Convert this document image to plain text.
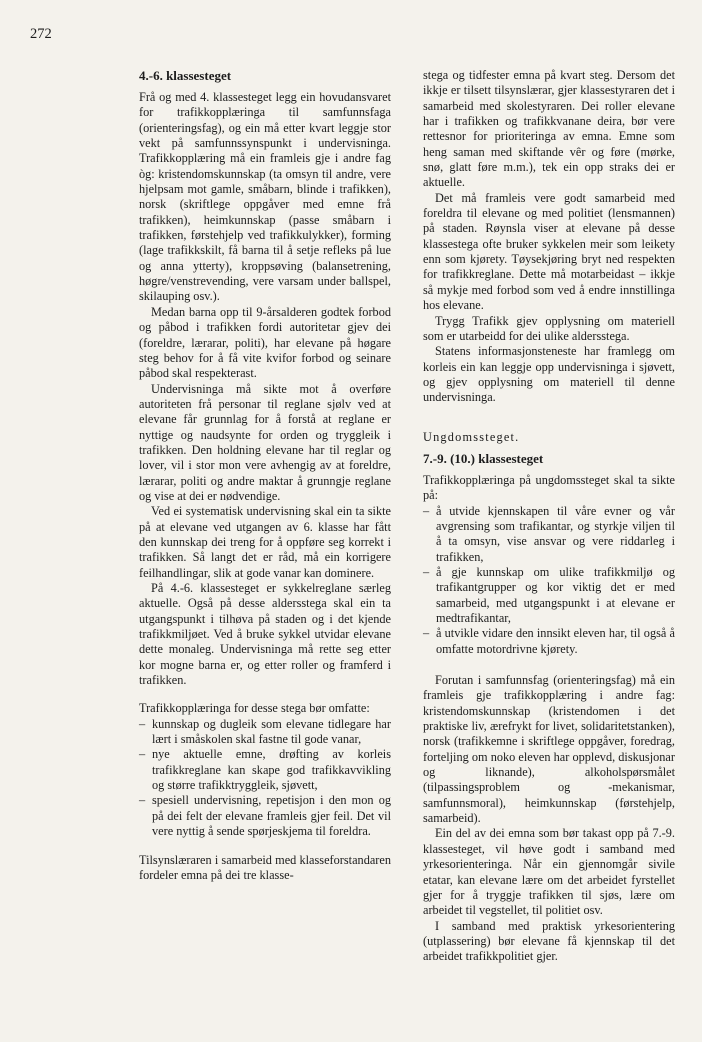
272
4.-6. klassesteget

Frå og med 4. klassesteget legg ein hovudansvaret for trafikkopplæringa til samfunnsfaga (orienteringsfag), og ein må etter kvart leggje stor vekt på samfunnssynspunkt i undervisninga. Trafikkopplæring må ein framleis gje i andre fag òg: kristendomskunnskap (ta omsyn til andre, vere hjelpsam mot gamle, småbarn, blinde i trafikken), norsk (skriftlege oppgåver med emne frå trafikken), heimkunnskap (passe småbarn i trafikken, førstehjelp ved trafikkulykker), forming (lage trafikkskilt, få barna til å setje refleks på lue og anna ytterty), kroppsøving (balansetrening, høgre/venstrevending, vere varsam under ballspel, skilauping osv.).

Medan barna opp til 9-årsalderen godtek forbod og påbod i trafikken fordi autoritetar gjev dei (foreldre, lærarar, politi), har elevane på høgare steg behov for å få vite kvifor forbod og seinare påbod skal respekterast.

Undervisninga må sikte mot å overføre autoriteten frå personar til reglane sjølv ved at elevane får grunnlag for å forstå at reglane er nyttige og naudsynte for orden og tryggleik i trafikken. Den holdning elevane har til reglar og lover, vil i stor mon vere avhengig av at foreldre, lærarar, politi og andre maktar å grunngje reglane og vise at dei er nødvendige.

Ved ei systematisk undervisning skal ein ta sikte på at elevane ved utgangen av 6. klasse har fått den kunnskap dei treng for å oppføre seg korrekt i trafikken. Så langt det er råd, må ein korrigere feilhandlingar, slik at gode vanar kan dominere.

På 4.-6. klassesteget er sykkelreglane særleg aktuelle. Også på desse aldersstega skal ein ta utgangspunkt i tilhøva på staden og i det kjende trafikkmiljøet. Ved å bruke sykkel utvidar elevane dette monaleg. Undervisninga må rette seg etter kor mogne barna er, og etter roller og framferd i trafikken.

Trafikkopplæringa for desse stega bør omfatte:

– kunnskap og dugleik som elevane tidlegare har lært i småskolen skal fastne til gode vanar,
– nye aktuelle emne, drøfting av korleis trafikkreglane kan skape god trafikkavvikling og større trafikktryggleik, sjøvett,
– spesiell undervisning, repetisjon i den mon og på dei felt der elevane framleis gjer feil. Det vil vere nyttig å sende spørjeskjema til foreldra.

Tilsynslæraren i samarbeid med klasseforstandaren fordeler emna på dei tre klasse-

stega og tidfester emna på kvart steg. Dersom det ikkje er tilsett tilsynslærar, gjer klassestyraren det i samarbeid med skolestyraren. Dei roller elevane har i trafikken og trafikkvanane deira, bør vere rettesnor for prioriteringa av emna. Emne som heng saman med skiftande vêr og føre (mørke, snø, glatt føre m.m.), tek ein opp straks dei er aktuelle.

Det må framleis vere godt samarbeid med foreldra til elevane og med politiet (lensmannen) på staden. Røynsla viser at elevane på desse klassestega ofte bruker sykkelen meir som leikety enn som kjørety. Tøysekjøring bryt ned respekten for trafikkreglane. Dette må motarbeidast – ikkje så mykje med forbod som ved å endre innstillinga hos elevane.

Trygg Trafikk gjev opplysning om materiell som er utarbeidd for dei ulike aldersstega.

Statens informasjonsteneste har framlegg om korleis ein kan leggje opp undervisninga i sjøvett, og gjev opplysning om materiell til denne undervisninga.

Ungdomssteget.

7.-9. (10.) klassesteget

Trafikkopplæringa på ungdomssteget skal ta sikte på:

– å utvide kjennskapen til våre evner og vår avgrensing som trafikantar, og styrkje viljen til å ta omsyn, vise ansvar og vere riddarleg i trafikken,
– å gje kunnskap om ulike trafikkmiljø og trafikantgrupper og kor viktig det er med samarbeid, med utgangspunkt i at elevane er medtrafikantar,
– å utvikle vidare den innsikt eleven har, til også å omfatte motordrivne kjørety.

Forutan i samfunnsfag (orienteringsfag) må ein framleis gje trafikkopplæring i andre fag: kristendomskunnskap (kristendomen i det praktiske liv, ærefrykt for livet, solidaritetstanken), norsk (trafikkemne i skriftlege oppgåver, foredrag, forteljing om noko eleven har opplevd, diskusjonar og liknande), alkoholspørsmålet (tilpassingsproblem og -mekanismar, samfunnsmoral), heimkunnskap (førstehjelp, samarbeid).

Ein del av dei emna som bør takast opp på 7.-9. klassesteget, vil høve godt i samband med yrkesorienteringa. Når ein gjennomgår sivile etatar, kan elevane lære om det arbeidet fyrstellet gjer for å tryggje trafikken til sjøs, lære om arbeidet til vegstellet, til politiet osv.

I samband med praktisk yrkesorientering (utplassering) bør elevane få kjennskap til det arbeidet trafikkpolitiet gjer.
